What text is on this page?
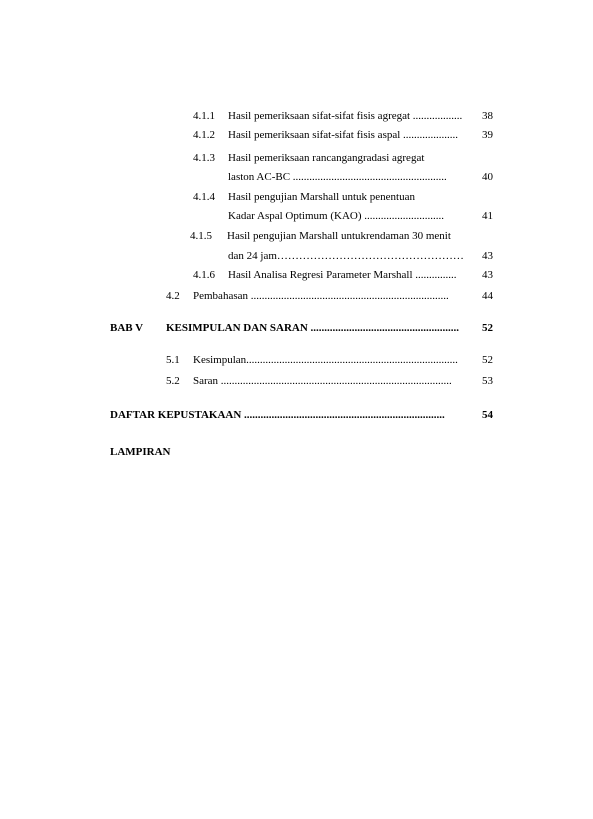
4.1.1 Hasil pemeriksaan sifat-sifat fisis agregat ..................	38
4.1.2 Hasil pemeriksaan sifat-sifat fisis aspal ....................	39
4.1.3 Hasil pemeriksaan rancangangradasi agregat
laston AC-BC ........................................................	40
4.1.4 Hasil pengujian Marshall untuk penentuan
Kadar Aspal Optimum (KAO) .............................	41
4.1.5 Hasil pengujian Marshall untukrendaman 30 menit
dan 24 jam……………………………………………	43
4.1.6 Hasil Analisa Regresi Parameter Marshall ...............	43
4.2 Pembahasan ........................................................................	44
BAB V KESIMPULAN DAN SARAN ......................................................	52
5.1 Kesimpulan.............................................................................	52
5.2 Saran ....................................................................................	53
DAFTAR KEPUSTAKAAN .........................................................................	54
LAMPIRAN
